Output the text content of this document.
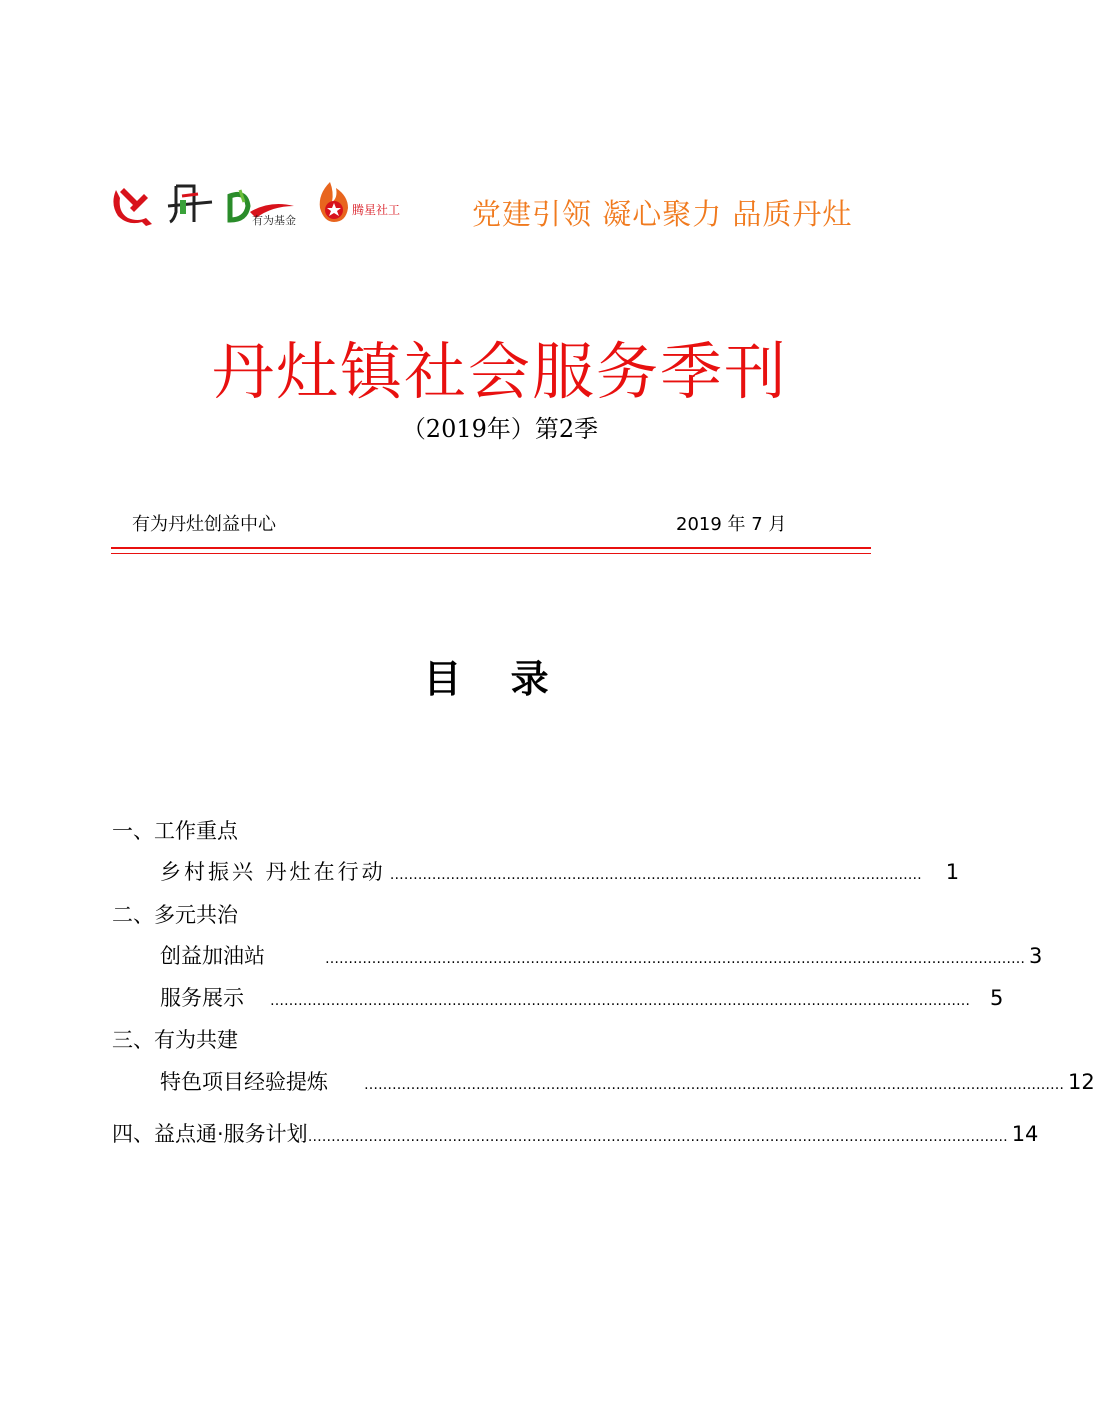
有为基金
腾星社工 党建引领 凝心聚力 品质丹灶
丹灶镇社会服务季刊
（2019年）第2季
有为丹灶创益中心	2019 年 7 月
目 录
一、工作重点
乡村振兴 丹灶在行动 …………………………………………………………………………………………………… 1
二、多元共治
创益加油站	…………………………………………………………………………………………………………………………………… 3
服务展示 …………………………………………………………………………………………………………………………………… 5
三、有为共建
特色项目经验提炼	…………………………………………………………………………………………………………………………………… 12
四、益点通·服务计划 …………………………………………………………………………………………………………………………………… 14
